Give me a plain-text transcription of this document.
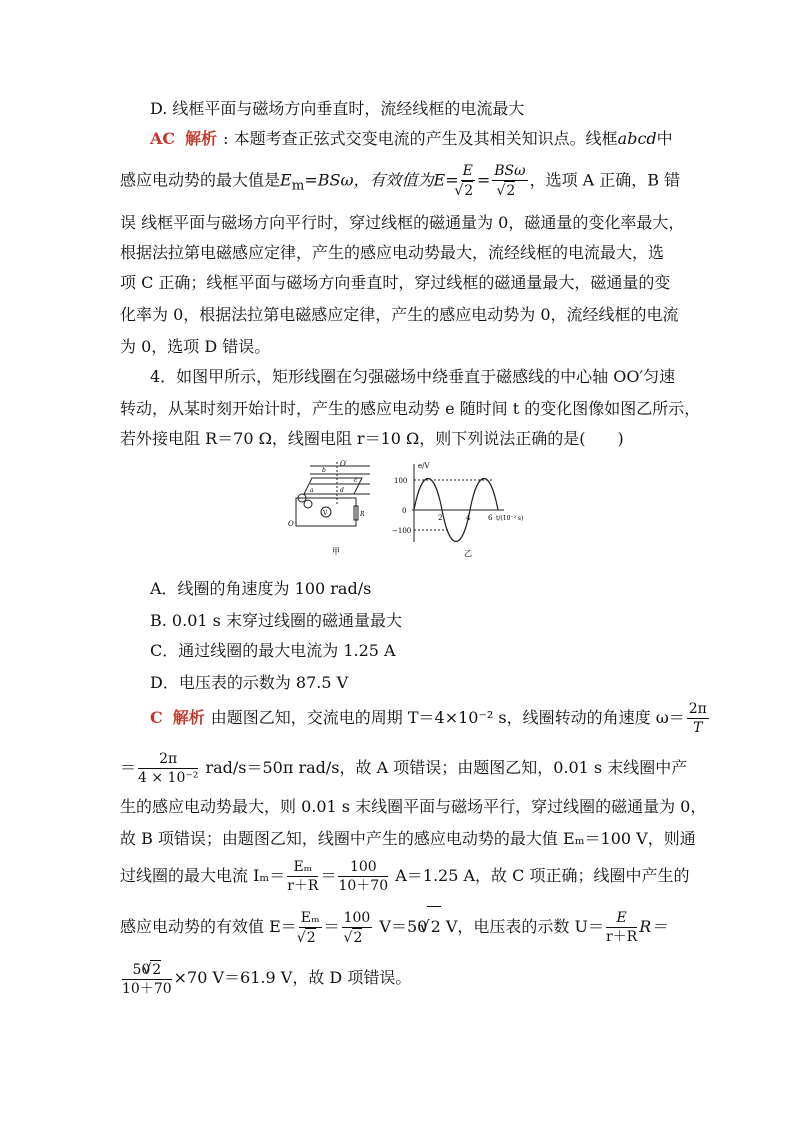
D. 线框平面与磁场方向垂直时，流经线框的电流最大
AC 解析 : 本题考查正弦式交变电流的产生及其相关知识点。线框abcd中
感应电动势的最大值是$E_m=BS\omega$，有效值为E= E
√ 2 = BSω
√ 2 ，选项 A 正确，B 错
误 线框平面与磁场方向平行时，穿过线框的磁通量为 0，磁通量的变化率最大，
根据法拉第电磁感应定律，产生的感应电动势最大，流经线框的电流最大，选
项 C 正确；线框平面与磁场方向垂直时，穿过线框的磁通量最大，磁通量的变
化率为 0，根据法拉第电磁感应定律，产生的感应电动势为 0，流经线框的电流
为 0，选项 D 错误。
4．如图甲所示，矩形线圈在匀强磁场中绕垂直于磁感线的中心轴 OO′匀速
转动，从某时刻开始计时，产生的感应电动势 e 随时间 t 的变化图像如图乙所示，
若外接电阻 R＝70 Ω，线圈电阻 r＝10 Ω，则下列说法正确的是(　　)
O′
O
a
b
c
d
V	R
甲
e/V
t/(10⁻² s)
100
0
−100
2	4	6
乙
A．线圈的角速度为 100 rad/s
B. 0.01 s 末穿过线圈的磁通量最大
C．通过线圈的最大电流为 1.25 A
D．电压表的示数为 87.5 V
C 解析 由题图乙知，交流电的周期 T＝4×10⁻² s，线圈转动的角速度 $\omega= \frac{2\pi}{T}$
＝ $\frac{2\pi}{\text{4 × 10⁻²}} rad/s=50\pi$ rad/s，故 A 项错误；由题图乙知，0.01 s 末线圈中产
生的感应电动势最大，则 0.01 s 末线圈平面与磁场平行，穿过线圈的磁通量为 0，
故 B 项错误；由题图乙知，线圈中产生的感应电动势的最大值 Eₘ＝100 V，则通
过线圈的最大电流 $I_m= \frac{\text{Eₘ}}{r+R} = \frac{100}{10+70} A=1.25$ A，故 C 项正确；线圈中产生的
感应电动势的有效值 E＝ Eₘ
√ 2 ＝ 100
√ 2 V＝50 √ 2 V，电压表的示数 $U= \frac{E}{r+R} R=$
$\frac{50 √ 2}{10+70} \times 70$ V＝61.9 V，故 D 项错误。
